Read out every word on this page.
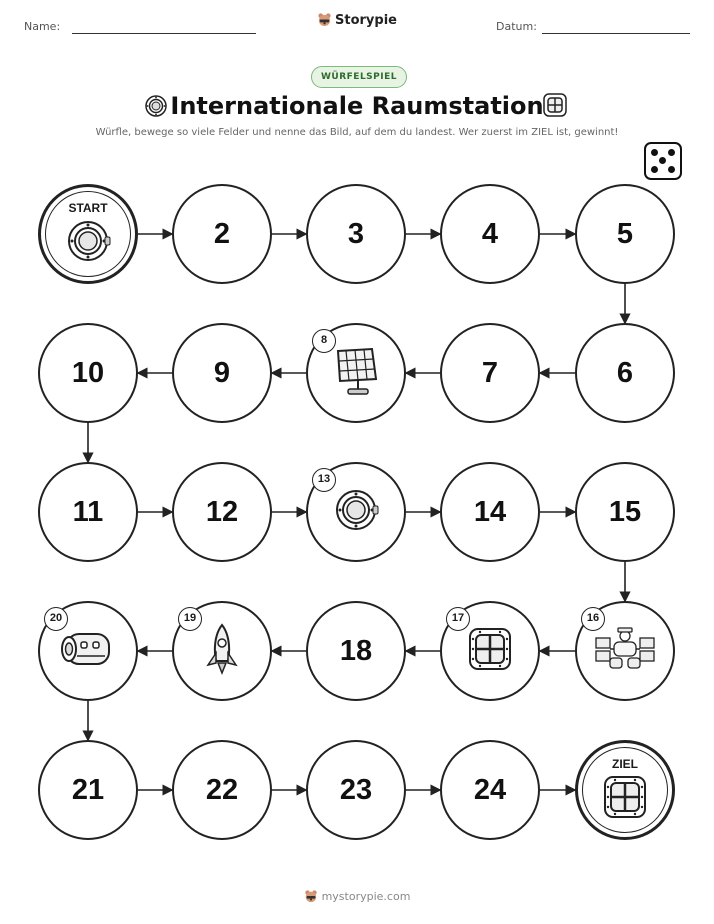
Name:	Storypie	Datum:
WÜRFELSPIEL
Internationale Raumstation
Würfle, bewege so viele Felder und nenne das Bild, auf dem du landest. Wer zuerst im ZIEL ist, gewinnt!
START
2	3	4	5
6
7
8
9
10
11	12
13
14	15
16
17
18
19
20
21	22	23	24
ZIEL
mystorypie.com
